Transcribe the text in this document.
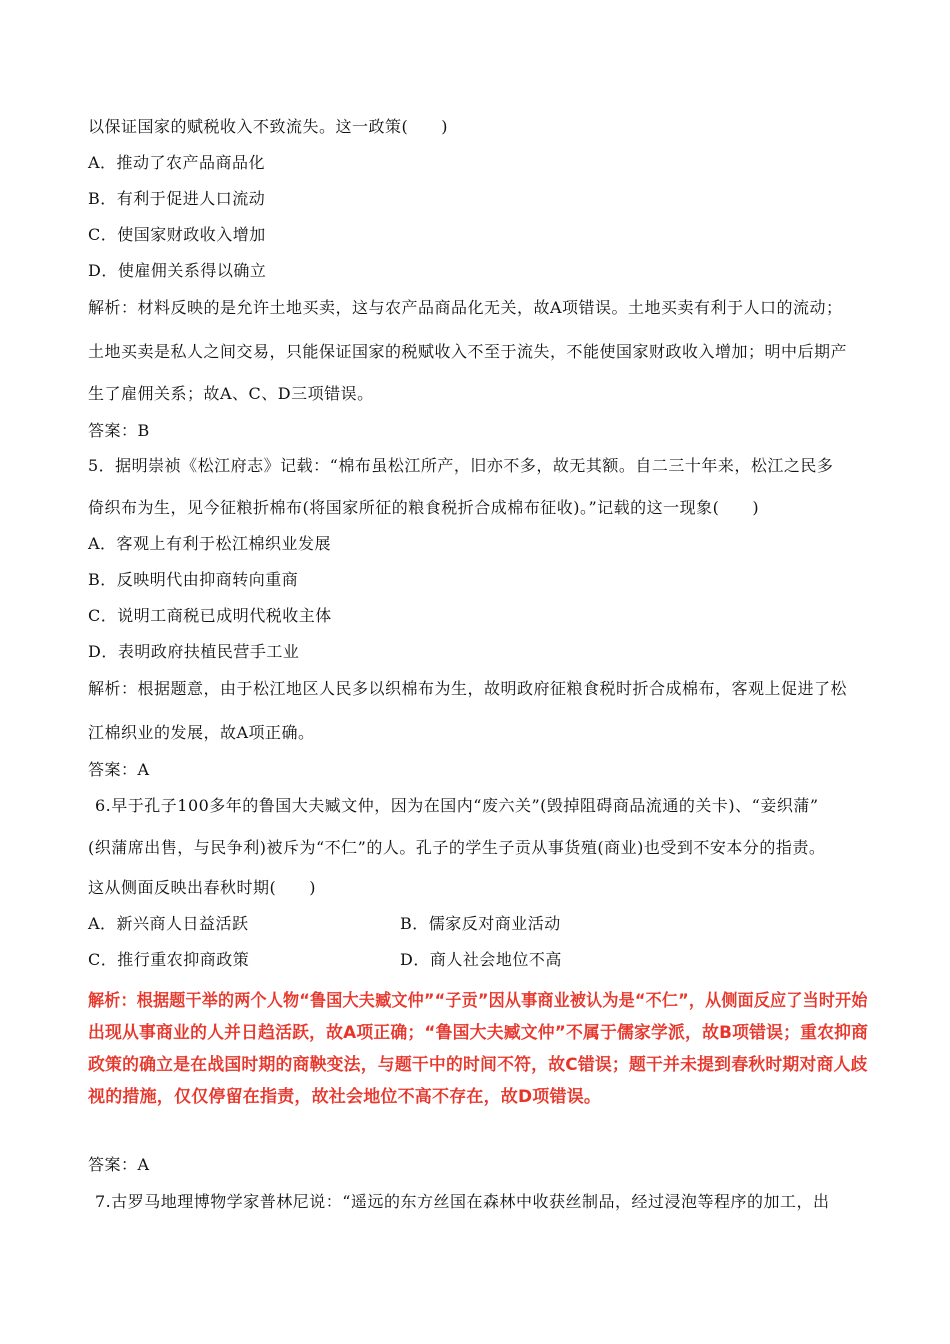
以保证国家的赋税收入不致流失。这一政策(　　)
A．推动了农产品商品化
B．有利于促进人口流动
C．使国家财政收入增加
D．使雇佣关系得以确立
解析：材料反映的是允许土地买卖，这与农产品商品化无关，故A项错误。土地买卖有利于人口的流动；
土地买卖是私人之间交易，只能保证国家的税赋收入不至于流失，不能使国家财政收入增加；明中后期产
生了雇佣关系；故A、C、D三项错误。
答案：B
5．据明崇祯《松江府志》记载：“棉布虽松江所产，旧亦不多，故无其额。自二三十年来，松江之民多
倚织布为生，见今征粮折棉布(将国家所征的粮食税折合成棉布征收)。”记载的这一现象(　　)
A．客观上有利于松江棉织业发展
B．反映明代由抑商转向重商
C．说明工商税已成明代税收主体
D．表明政府扶植民营手工业
解析：根据题意，由于松江地区人民多以织棉布为生，故明政府征粮食税时折合成棉布，客观上促进了松
江棉织业的发展，故A项正确。
答案：A
6.早于孔子100多年的鲁国大夫臧文仲，因为在国内“废六关”(毁掉阻碍商品流通的关卡)、“妾织蒲”
(织蒲席出售，与民争利)被斥为“不仁”的人。孔子的学生子贡从事货殖(商业)也受到不安本分的指责。
这从侧面反映出春秋时期(　　)
A．新兴商人日益活跃	B．儒家反对商业活动
C．推行重农抑商政策	D．商人社会地位不高
解析：根据题干举的两个人物“鲁国大夫臧文仲”“子贡”因从事商业被认为是“不仁”，从侧面反应了当时开始
出现从事商业的人并日趋活跃，故A项正确；“鲁国大夫臧文仲”不属于儒家学派，故B项错误；重农抑商
政策的确立是在战国时期的商鞅变法，与题干中的时间不符，故C错误；题干并未提到春秋时期对商人歧
视的措施，仅仅停留在指责，故社会地位不高不存在，故D项错误。
答案：A
7.古罗马地理博物学家普林尼说：“遥远的东方丝国在森林中收获丝制品，经过浸泡等程序的加工，出
